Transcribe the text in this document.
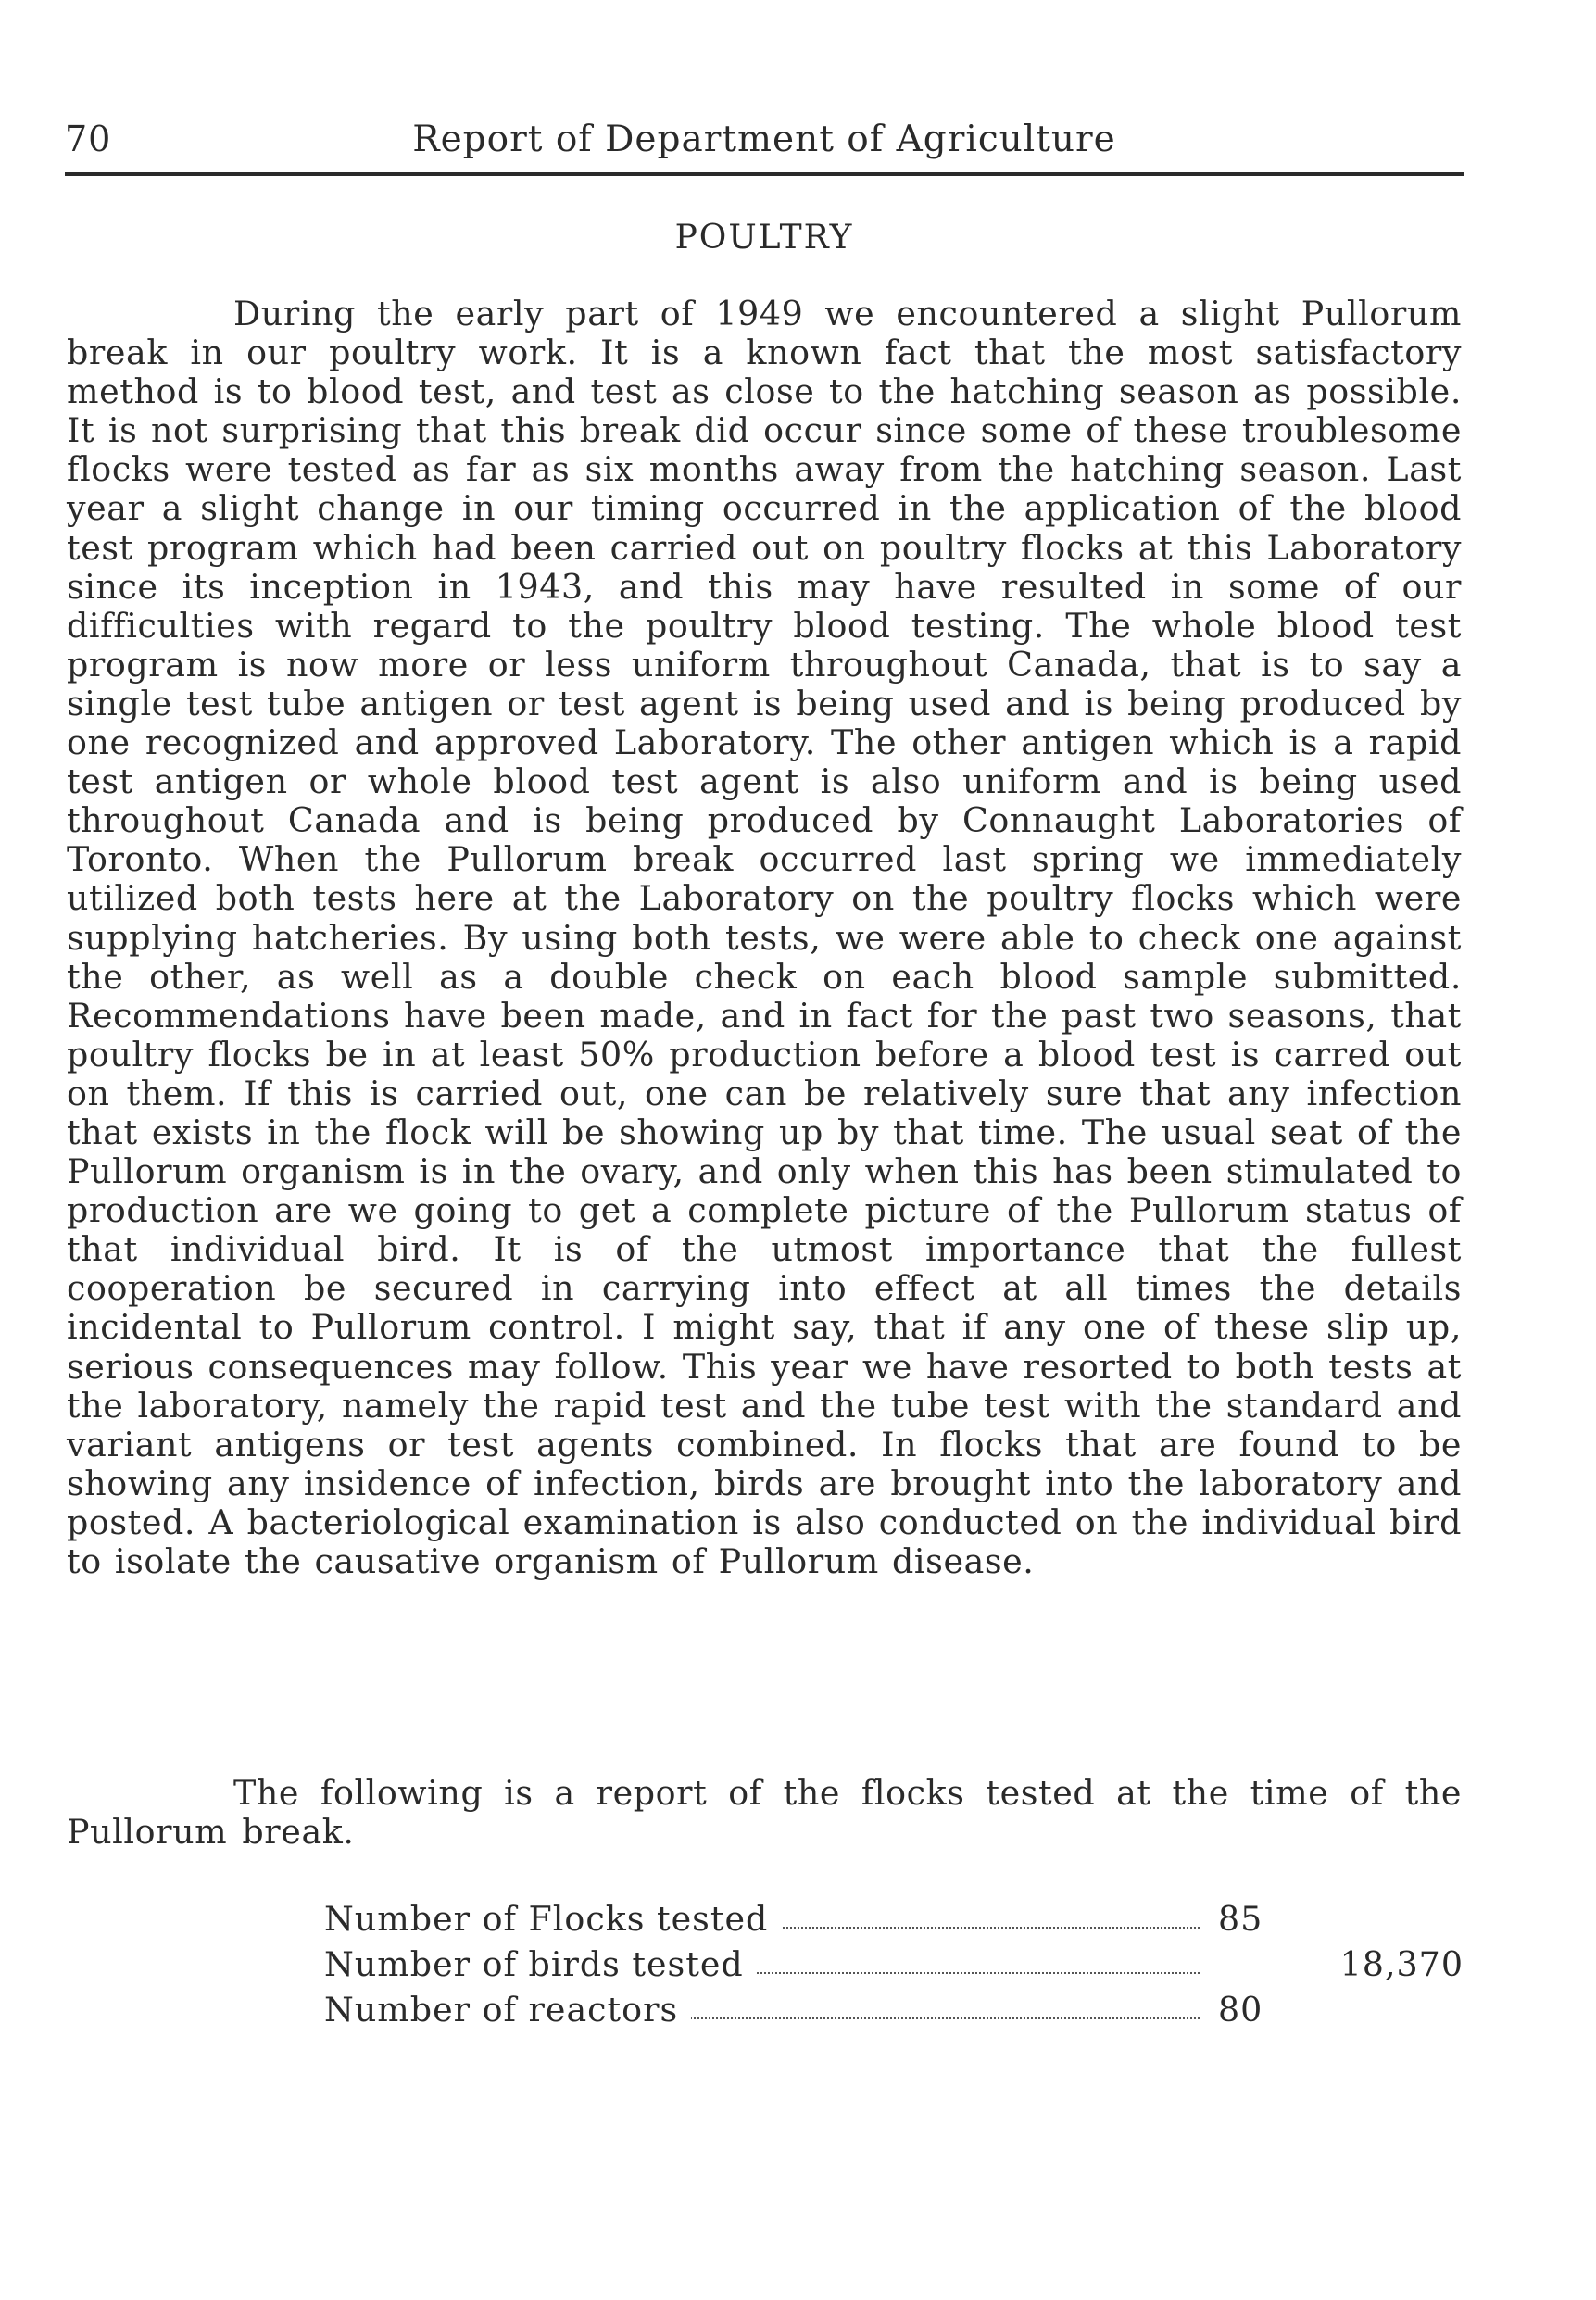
70	Report of Department of Agriculture
POULTRY

During the early part of 1949 we encountered a slight Pullorum break in our poultry work. It is a known fact that the most satisfactory method is to blood test, and test as close to the hatching season as possible. It is not surprising that this break did occur since some of these troublesome flocks were tested as far as six months away from the hatching season. Last year a slight change in our timing occurred in the application of the blood test program which had been carried out on poultry flocks at this Laboratory since its inception in 1943, and this may have resulted in some of our difficulties with regard to the poultry blood testing. The whole blood test program is now more or less uniform throughout Canada, that is to say a single test tube antigen or test agent is being used and is being produced by one recognized and approved Laboratory. The other antigen which is a rapid test antigen or whole blood test agent is also uniform and is being used throughout Canada and is being produced by Connaught Laboratories of Toronto. When the Pullorum break occurred last spring we immediately utilized both tests here at the Laboratory on the poultry flocks which were supplying hatcheries. By using both tests, we were able to check one against the other, as well as a double check on each blood sample submitted. Recommendations have been made, and in fact for the past two seasons, that poultry flocks be in at least 50% production before a blood test is carred out on them. If this is carried out, one can be relatively sure that any infection that exists in the flock will be showing up by that time. The usual seat of the Pullorum organism is in the ovary, and only when this has been stimulated to production are we going to get a complete picture of the Pullorum status of that individual bird. It is of the utmost importance that the fullest cooperation be secured in carrying into effect at all times the details incidental to Pullorum control. I might say, that if any one of these slip up, serious consequences may follow. This year we have resorted to both tests at the laboratory, namely the rapid test and the tube test with the standard and variant antigens or test agents combined. In flocks that are found to be showing any insidence of infection, birds are brought into the laboratory and posted. A bacteriological examination is also conducted on the individual bird to isolate the causative organism of Pullorum disease.

The following is a report of the flocks tested at the time of the Pullorum break.

Number of Flocks tested	85
Number of birds tested	18,370
Number of reactors	80
